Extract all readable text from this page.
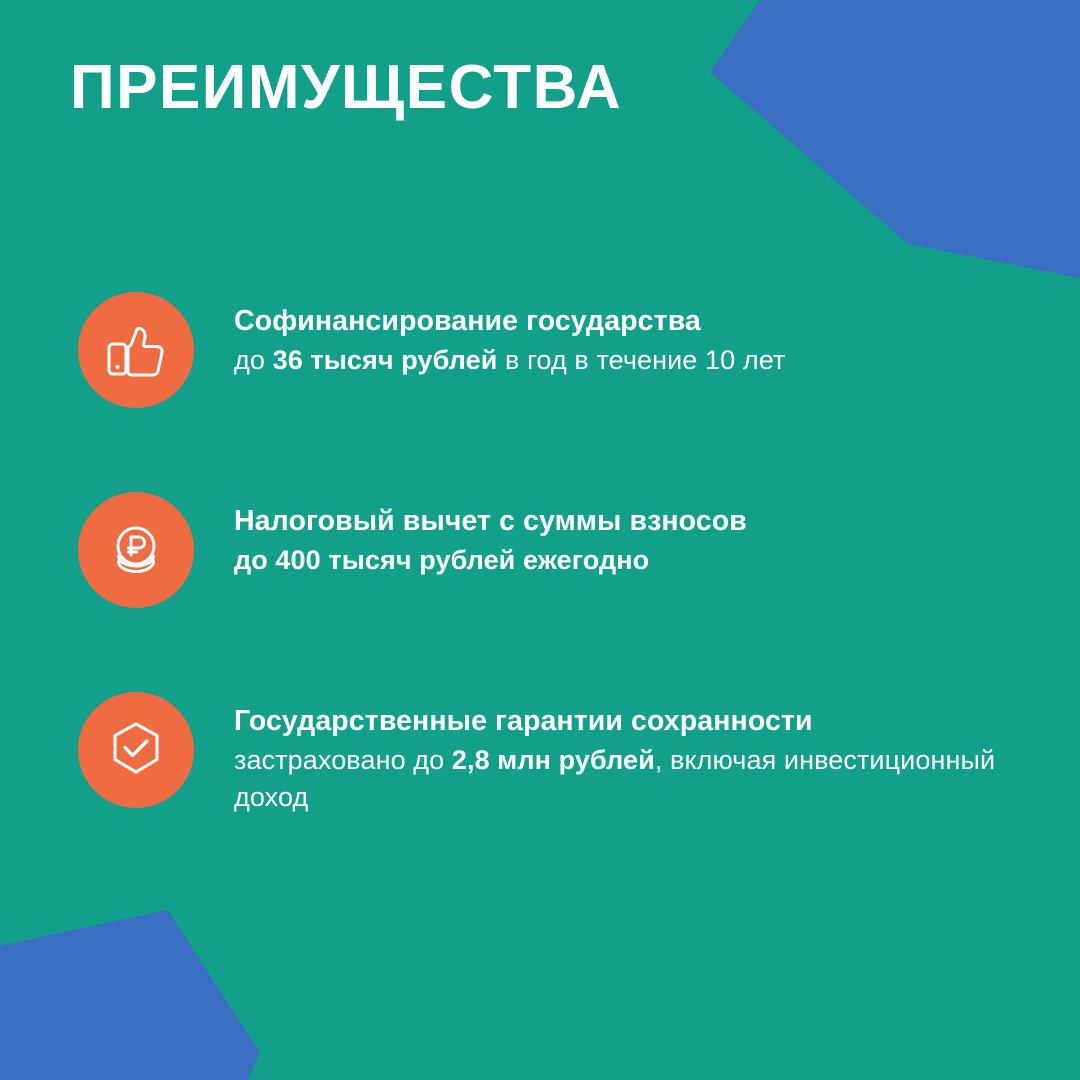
ПРЕИМУЩЕСТВА

Софинансирование государства

до 36 тысяч рублей в год в течение 10 лет

Налоговый вычет с суммы взносов

до 400 тысяч рублей ежегодно

Государственные гарантии сохранности

застраховано до 2,8 млн рублей, включая инвестиционный доход
